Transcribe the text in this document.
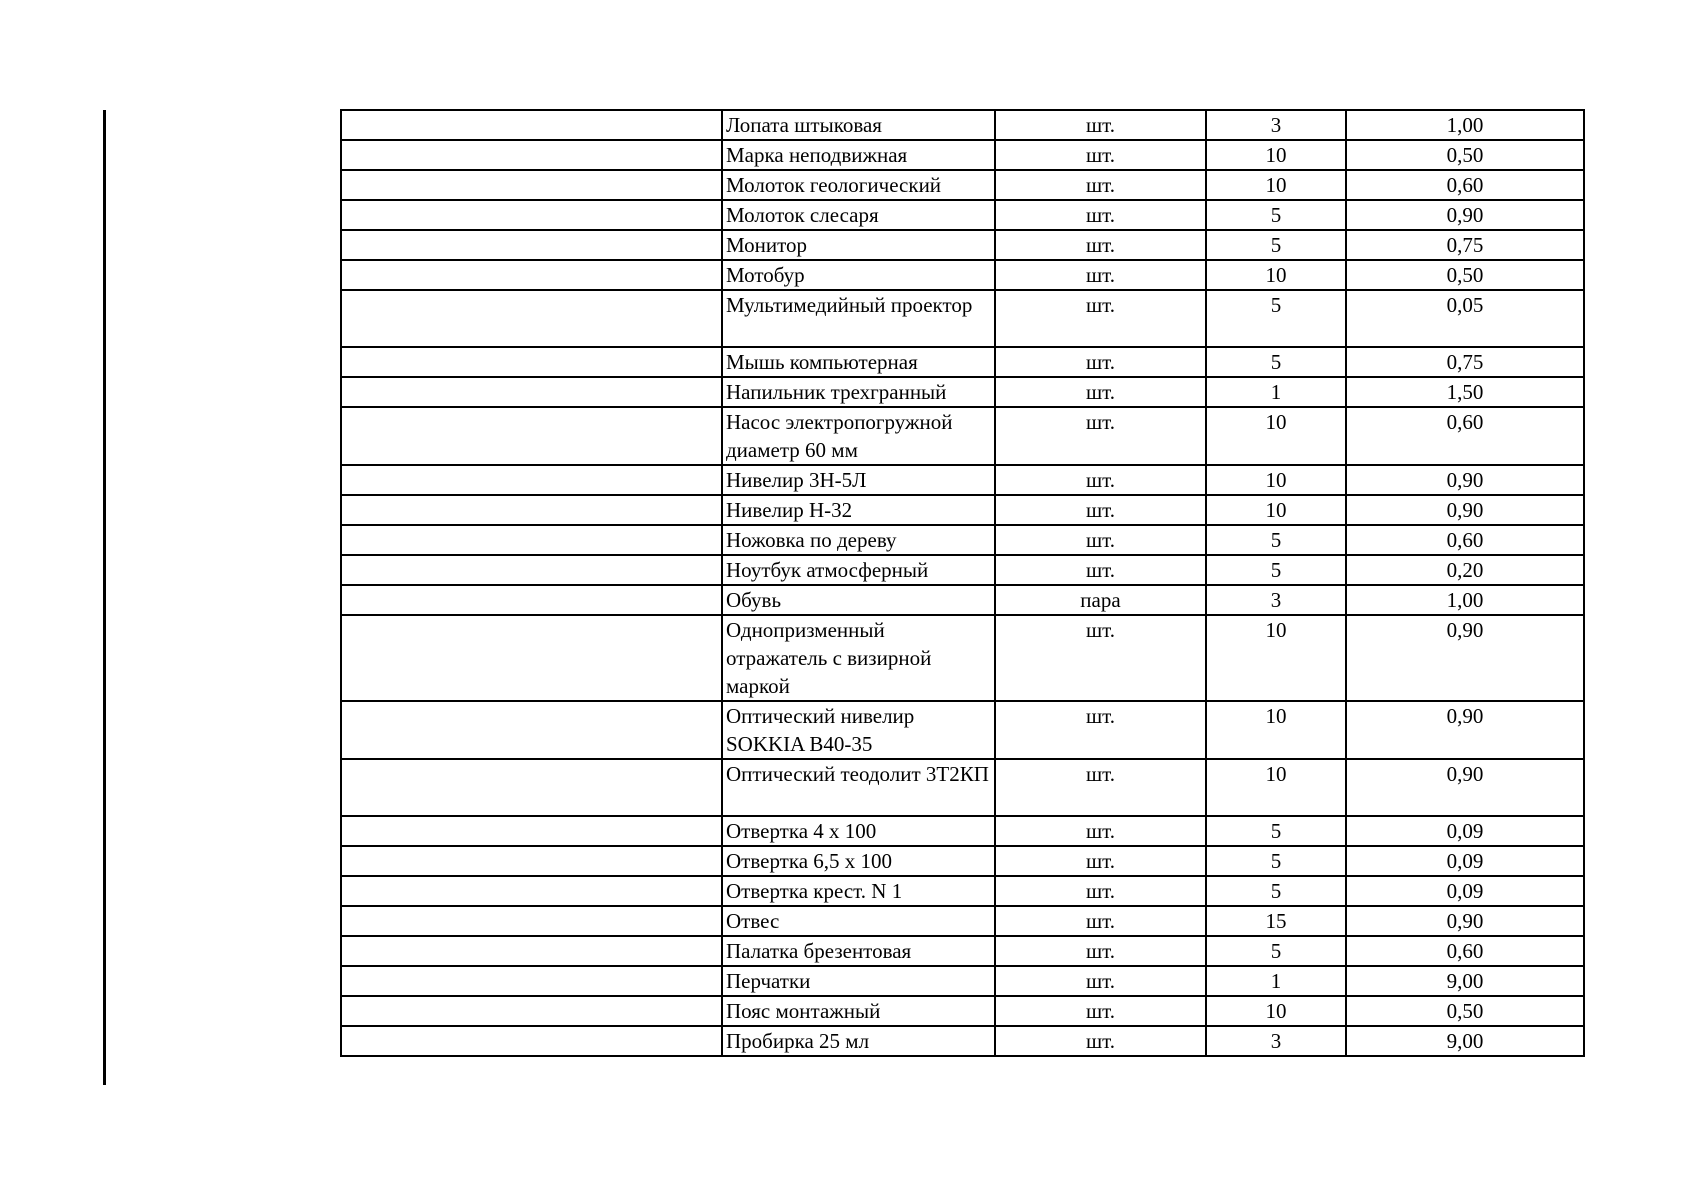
	Лопата штыковая	шт.	3	1,00
	Марка неподвижная	шт.	10	0,50
	Молоток геологический	шт.	10	0,60
	Молоток слесаря	шт.	5	0,90
	Монитор	шт.	5	0,75
	Мотобур	шт.	10	0,50
	Мультимедийный проектор	шт.	5	0,05
	Мышь компьютерная	шт.	5	0,75
	Напильник трехгранный	шт.	1	1,50
	Насос электропогружной диаметр 60 мм	шт.	10	0,60
	Нивелир 3Н-5Л	шт.	10	0,90
	Нивелир Н-32	шт.	10	0,90
	Ножовка по дереву	шт.	5	0,60
	Ноутбук атмосферный	шт.	5	0,20
	Обувь	пара	3	1,00
	Однопризменный отражатель с визирной маркой	шт.	10	0,90
	Оптический нивелир SOKKIA B40-35	шт.	10	0,90
	Оптический теодолит 3Т2КП	шт.	10	0,90
	Отвертка 4 x 100	шт.	5	0,09
	Отвертка 6,5 x 100	шт.	5	0,09
	Отвертка крест. N 1	шт.	5	0,09
	Отвес	шт.	15	0,90
	Палатка брезентовая	шт.	5	0,60
	Перчатки	шт.	1	9,00
	Пояс монтажный	шт.	10	0,50
	Пробирка 25 мл	шт.	3	9,00
